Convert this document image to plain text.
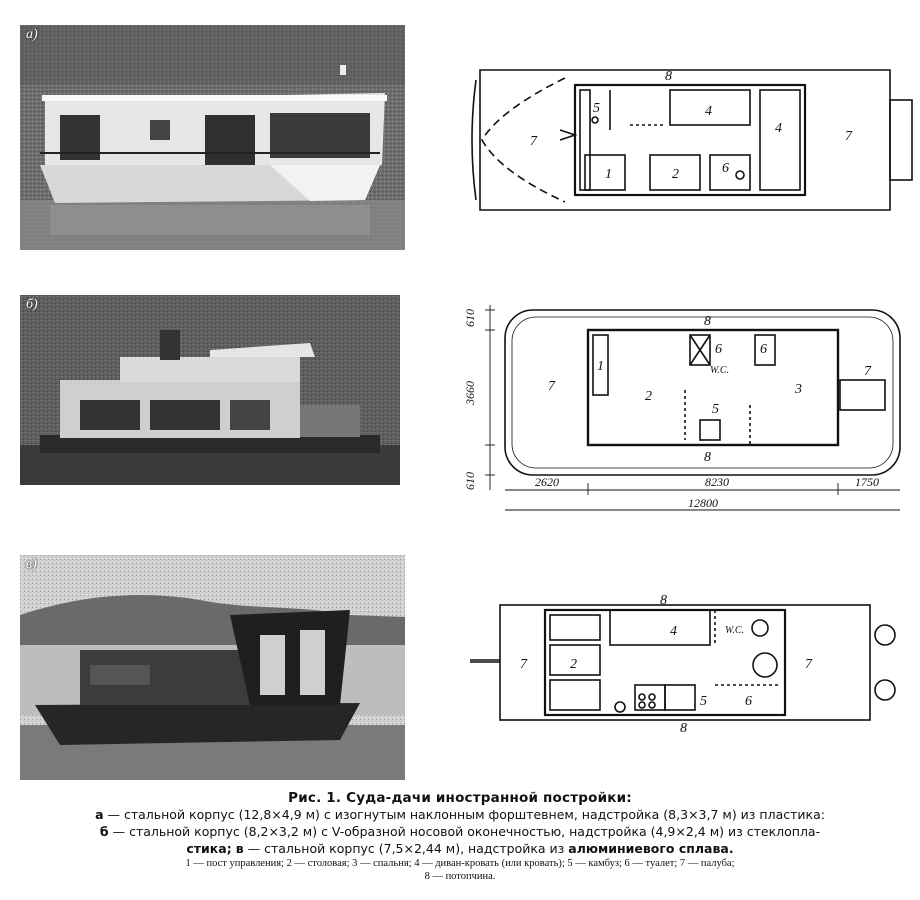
а)
б)
в)
7
8
5	4
4
7
1	2	6
7
8
1
2
6
W.C.
6
3
5
8
7
610
3660
610	2620	8230	1750
12800
8
4	W.C.
7	2	7
5	6
8
Рис. 1. Суда-дачи иностранной постройки:
а — стальной корпус (12,8×4,9 м) с изогнутым наклонным форштевнем, надстройка (8,3×3,7 м) из пластика:
б — стальной корпус (8,2×3,2 м) с V-образной носовой оконечностью, надстройка (4,9×2,4 м) из стеклопла-
стика; в — стальной корпус (7,5×2,44 м), надстройка из алюминиевого сплава.
1 — пост управления; 2 — столовая; 3 — спальня; 4 — диван-кровать (или кровать); 5 — камбуз; 6 — туалет; 7 — палуба;
8 — потопчина.
